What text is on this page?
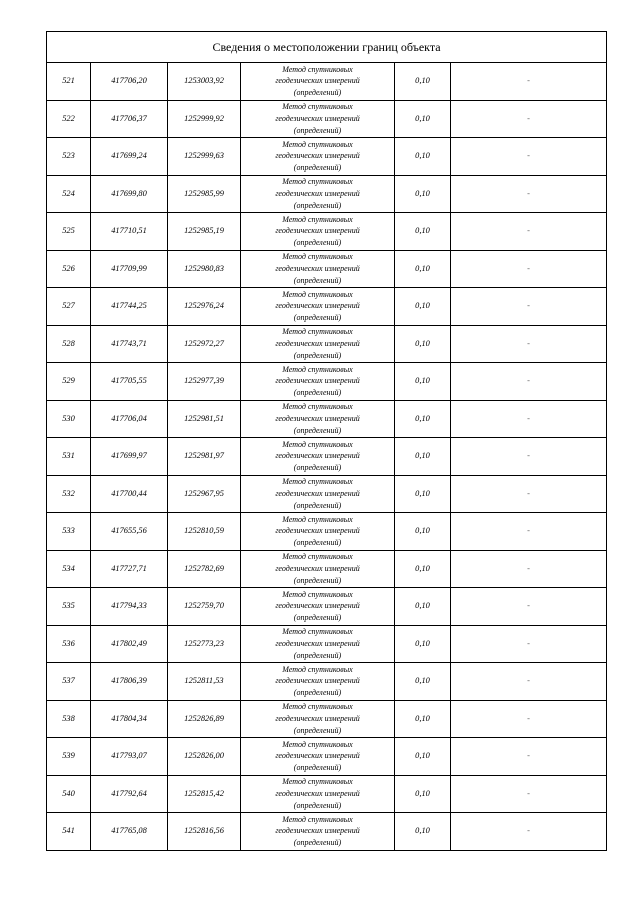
Сведения о местоположении границ объекта					
521	417706,20	1253003,92	Метод спутниковых
геодезических измерений
(определений)	0,10	-
522	417706,37	1252999,92	Метод спутниковых
геодезических измерений
(определений)	0,10	-
523	417699,24	1252999,63	Метод спутниковых
геодезических измерений
(определений)	0,10	-
524	417699,80	1252985,99	Метод спутниковых
геодезических измерений
(определений)	0,10	-
525	417710,51	1252985,19	Метод спутниковых
геодезических измерений
(определений)	0,10	-
526	417709,99	1252980,83	Метод спутниковых
геодезических измерений
(определений)	0,10	-
527	417744,25	1252976,24	Метод спутниковых
геодезических измерений
(определений)	0,10	-
528	417743,71	1252972,27	Метод спутниковых
геодезических измерений
(определений)	0,10	-
529	417705,55	1252977,39	Метод спутниковых
геодезических измерений
(определений)	0,10	-
530	417706,04	1252981,51	Метод спутниковых
геодезических измерений
(определений)	0,10	-
531	417699,97	1252981,97	Метод спутниковых
геодезических измерений
(определений)	0,10	-
532	417700,44	1252967,95	Метод спутниковых
геодезических измерений
(определений)	0,10	-
533	417655,56	1252810,59	Метод спутниковых
геодезических измерений
(определений)	0,10	-
534	417727,71	1252782,69	Метод спутниковых
геодезических измерений
(определений)	0,10	-
535	417794,33	1252759,70	Метод спутниковых
геодезических измерений
(определений)	0,10	-
536	417802,49	1252773,23	Метод спутниковых
геодезических измерений
(определений)	0,10	-
537	417806,39	1252811,53	Метод спутниковых
геодезических измерений
(определений)	0,10	-
538	417804,34	1252826,89	Метод спутниковых
геодезических измерений
(определений)	0,10	-
539	417793,07	1252826,00	Метод спутниковых
геодезических измерений
(определений)	0,10	-
540	417792,64	1252815,42	Метод спутниковых
геодезических измерений
(определений)	0,10	-
541	417765,08	1252816,56	Метод спутниковых
геодезических измерений
(определений)	0,10	-
